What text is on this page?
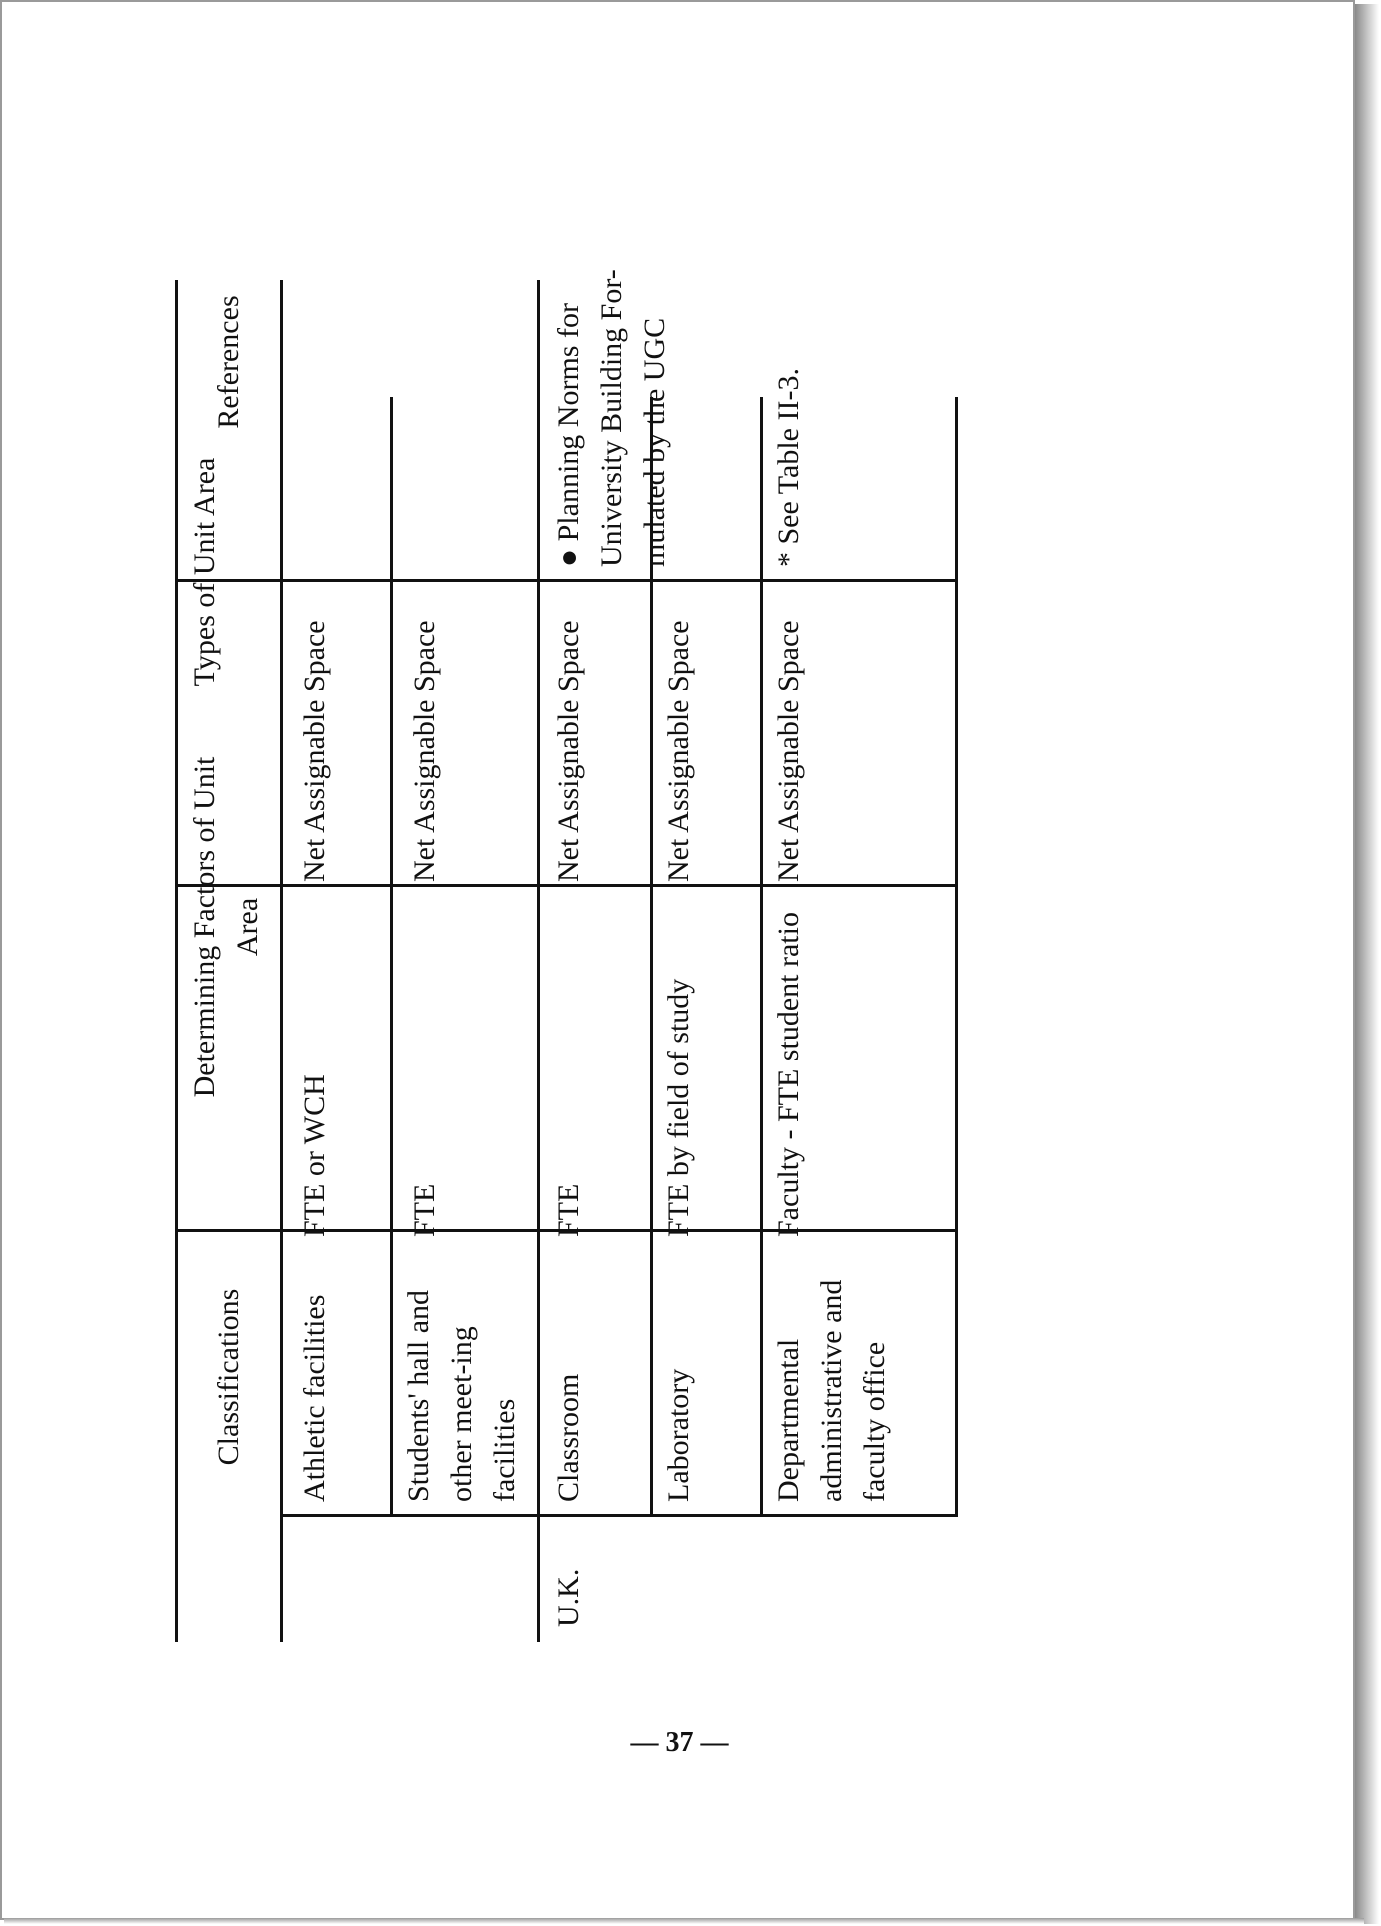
Classifications
Determining Factors of Unit Area
Types of Unit Area
References
Athletic facilities
FTE or WCH
Net Assignable Space
Students' hall and other meet-ing facilities
FTE
Net Assignable Space
U.K.
Classroom
FTE
Net Assignable Space
Laboratory
FTE by field of study
Net Assignable Space
Departmental administrative and faculty office
Faculty - FTE student ratio
Net Assignable Space
● Planning Norms for University Building For-mulated by the UGC	* See Table II-3.
— 37 —
